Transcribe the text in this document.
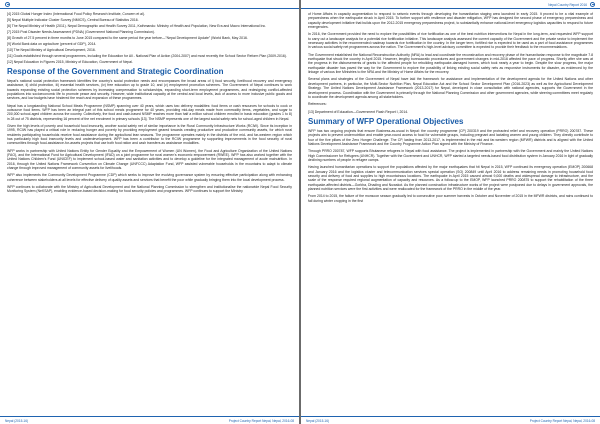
[4] 2015 Global Hunger Index (International Food Policy Research Institute, Concern et al).

[5] Nepal Multiple Indicator Cluster Survey (NMICS), Central Bureau of Statistics 2016.

[6] The Nepal Ministry of Health (2011). Nepal Demographic and Health Survey 2011, Kathmandu: Ministry of Health and Population, New Era and Macro International Inc.

[7] 2015 Post Disaster Needs Assessment (PDNA) (Government National Planning Commission).

[8] Growth of 27.5 percent in three months to June 2015 compared to the same period the year before—"Nepal Development Update" (World Bank, May 2016.

[9] World Bank data on agriculture (percent of GDP), 2014.

[10] The Nepal Ministry of Agricultural Development, 2016.

[11] Goals established through several programmes, including the Education for All - National Plan of Action (2004-2007) and most recently the School Sector Reform Plan (2009-2016).

[12] Nepal Education in Figures 2015, Ministry of Education, Government of Nepal.

Response of the Government and Strategic Coordination

Nepal's national social protection framework identifies the country's social protection needs and encompasses the broad areas of i) food security, livelihood recovery and emergency assistance, ii) child protection, iii) essential health services, (iv) free education up to grade 10, and (v) employment promotion schemes. The Government of Nepal continues to work towards expanding existing social protection schemes by increasing compensation to scholarships, expanding short-term employment programmes, and redesigning conflict-affected populations into socioeconomic life to promote peace and security. However, wide institutional capacity at the central and local levels, lack of access to more inclusive public goods and services, and low budgets have hindered the reach and expansion of these programmes.

Nepal has a longstanding National School Meals Programme (NSMP) spanning over 40 years, which uses two delivery modalities: food items or cash resources for schools to cook or outsource food items. WFP has been an integral part of this school meals programme for 40 years, providing mid-day meals made from commodity items, vegetables, and sugar to 200,000 school-aged children across the country. Collectively, the food and cash-based NSMP reaches more than half a million school children enrolled in basic education (grades 1 to 8) in 28 out of 75 districts, representing 16 percent of the net enrolment in primary schools [13]. The NSMP represents one of the largest social safety nets for school-aged children in Nepal.

Given the high levels of poverty and household food insecurity, another social safety net of similar importance is the Rural Community Infrastructure Works (RCIW). Since its inception in 1995, RCIW has played a critical role in reducing hunger and poverty by providing employment geared towards creating productive and productive community assets, for which rural residents participating households receive food assistance during the agricultural lean seasons. The programme operates mainly in the districts of the mid- and far-western region which has particularly high food insecurity levels and underdevelopment. WFP has been a contributor to the RCIW programme by supporting improvements in the food security of rural communities through food-assistance-for-assets projects that use both food ration and cash transfers as assistance modalities.

WFP works in partnership with United Nations Entity for Gender Equality and the Empowerment of Women (UN Women), the Food and Agriculture Organization of the United Nations (FAO), and the International Fund for Agricultural Development (IFAD) on a joint programme for rural women's economic empowerment (RWEE). WFP has also worked together with the United Nations Children's Fund (UNICEF) to implement school-based water and sanitation activities and to develop a guideline for the integrated management of acute malnutrition. In 2016, through the United Nations Framework Convention on Climate Change (UNFCCC) Adaptation Fund, WFP assisted vulnerable households in the mountains to adapt to climate change through improved management of community assets for livelihoods.

WFP also implements the Community Development Programme (CDP) which seeks to improve the evolving governance system by ensuring effective participation along with enhancing coherence between stakeholders at all levels for effective delivery of quality assets and services that benefit the poor while gradually bringing them into the local development process.

WFP continues to collaborate with the Ministry of Agricultural Development and the National Planning Commission to strengthen and institutionalise the nationwide Nepal Food Security Monitoring System (NeKSAP), enabling evidence-based decision-making for food security policies and programmes. WFP continues to support the Ministry

Nepal (2015-16)	Project Country Report Nepal, Nepal, 2016-08
Nepal Country Report 2016

of Home Affairs in capacity augmentation to respond to seismic events through developing the humanitarian staging area launched in early 2015. It proved to be a vital example of preparedness when the earthquake struck in April 2015. To further support with resilience and disaster mitigation, WFP has designed the second phase of emergency preparedness and capacity development initiative that builds upon the 2012-2015 emergency preparedness project, to substantially enhance national-level emergency logistics capacities to respond to future emergencies.

In 2016, the Government provided the need to explore the possibilities of rice fortification as one of the best nutrition interventions for Nepal in the long-term, and requested WFP support to carry out a landscape analysis for a potential rice fortification initiative. This landscape analysis assessed the current capacity of the Government and the private sector to implement the necessary activities in the recommended roadmap towards rice fortification in the country. In the longer term, fortified rice is expected to be used as a part of food assistance programmes in various social safety net programmes across the nation. The Government's high-level advisory committee is expected to provide their feedback to the recommendations.

The Government established the National Reconstruction Authority (NRA) to lead and coordinate the reconstruction and recovery phase of the humanitarian response to the magnitude 7.8 earthquake that struck the country in April 2015. However, lengthy bureaucratic procedures and government changes in mid-2016 affected the pace of progress. Shortly after she was at the progress in the disbursements of grants to the affected people for rebuilding earthquake-damaged homes, which took nearly a year to begin. Despite the slow progress, the major earthquake disaster has paved the way for the Government to explore the possibility of linking existing social safety nets as responsive instruments for disaster, as evidenced by the linkage of various line Ministries to the NRA and the Ministry of Home Affairs for the recovery.

Several plans and strategies of the Government of Nepal have laid the framework for assistance and implementation of the development agenda for the United Nations and other development partners, in particular, the Multi-Sector Nutrition Plan, Nepal Education Act and the School Sector Development Plan (2016-2023) as well as the Agricultural Development Strategy. The United Nations Development Assistance Framework (2013-2017) for Nepal, developed in close consultation with national agencies, supports the Government in the development process. Coordination with the Government is primarily through the National Planning Commission and other government agencies, while steering committees meet regularly to coordinate the development agenda among all stakeholders.

References:

[13] Department of Education—Government Flash Report I, 2014.

Summary of WFP Operational Objectives

WFP has two ongoing projects that ensure Business-as-usual in Nepal: the country programme (CP) 200319 and the protracted relief and recovery operation (PRRO) 200787. These projects aim to prevent undernutrition and enable year-round access to food for vulnerable groups, including pregnant and lactating women and young children. They directly contribute to four of the five pillars of the Zero Hunger Challenge. The CP, lasting from 2013-2017, is implemented in the mid and far-western region (MFWR) districts and is aligned with the United Nations Development Assistance Framework and the Country Programme Action Plan signed with the Ministry of Finance.

Through PRRO 200787, WFP supports Bhutanese refugees in Nepal with food assistance. The project is implemented in partnership with the Government and mainly the United Nations High Commissioner for Refugees (UNHCR). Together with the Government and UNHCR, WFP started a targeted needs-based food distribution system in January 2016 in light of gradually declining numbers of people in refugee camps.

Having launched humanitarian operations to support the populations affected by the major earthquakes that hit Nepal in 2015, WFP continued its emergency operation (EMOP) 200668 and January 2016 and the logistics cluster and telecommunication services special operation (SO) 200849 until April 2016 to address remaining needs in promoting household food security and delivery of food and supplies to high mountainous locations. The earthquake in April 2015 caused almost 9,000 deaths and widespread damage to infrastructure, and the scale of the response required regional augmentation of capacity and resources. As a follow-up to the EMOP, WFP launched PRRO 200875 to support the rehabilitation of the three earthquake-affected districts—Gorkha, Dhading and Nuwakot. As the planned construction infrastructure works of the project were postponed due to delays in government approvals, the planned nutrition services were the first activities and were reallocated for the framework of the PRRO in the middle of the year.

From 2014 to 2015, the failure of the monsoon season gradually led to consecutive poor summer harvests in October and November of 2015 in the MFWR districts, and rains continued to fall during winter cropping in the first

Nepal (2015-16)	Project Country Report Nepal, Nepal, 2016-08
